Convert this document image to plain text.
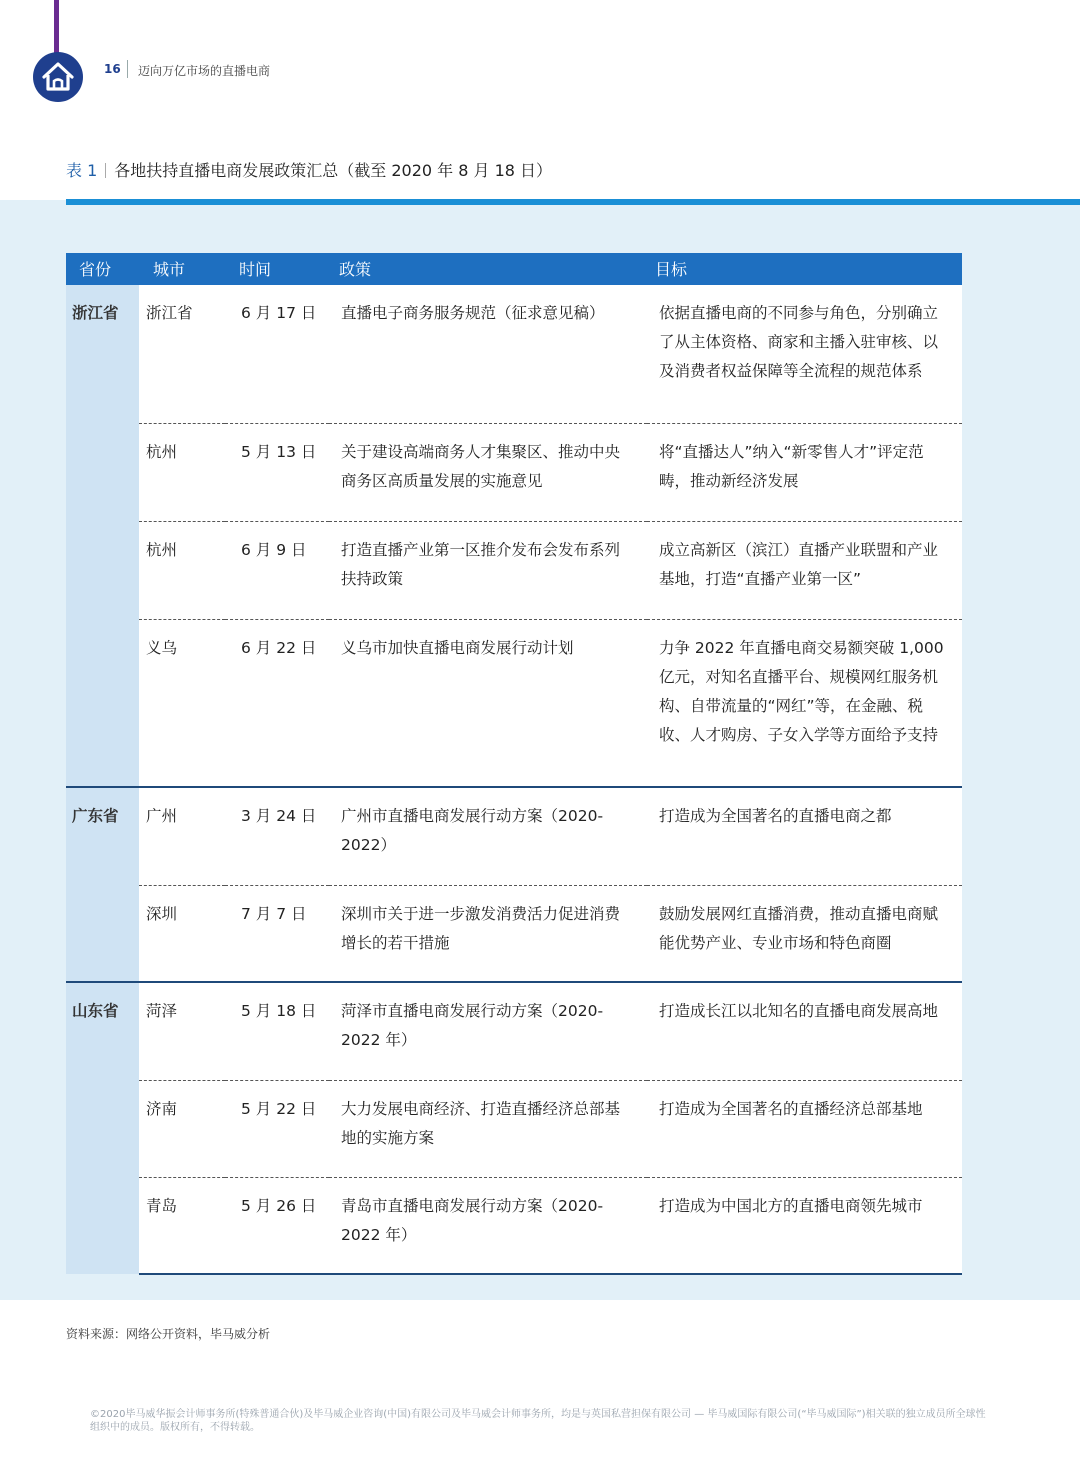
16 迈向万亿市场的直播电商
表 1 各地扶持直播电商发展政策汇总（截至 2020 年 8 月 18 日）
省份	城市	时间	政策	目标
浙江省	浙江省	6 月 17 日	直播电子商务服务规范（征求意见稿）	依据直播电商的不同参与角色，分别确立了从主体资格、商家和主播入驻审核、以及消费者权益保障等全流程的规范体系
	杭州	5 月 13 日	关于建设高端商务人才集聚区、推动中央商务区高质量发展的实施意见	将“直播达人”纳入“新零售人才”评定范畴，推动新经济发展
	杭州	6 月 9 日	打造直播产业第一区推介发布会发布系列扶持政策	成立高新区（滨江）直播产业联盟和产业基地，打造“直播产业第一区”
	义乌	6 月 22 日	义乌市加快直播电商发展行动计划	力争 2022 年直播电商交易额突破 1,000 亿元，对知名直播平台、规模网红服务机构、自带流量的“网红”等，在金融、税收、人才购房、子女入学等方面给予支持
广东省	广州	3 月 24 日	广州市直播电商发展行动方案（2020-2022）	打造成为全国著名的直播电商之都
	深圳	7 月 7 日	深圳市关于进一步激发消费活力促进消费增长的若干措施	鼓励发展网红直播消费，推动直播电商赋能优势产业、专业市场和特色商圈
山东省	菏泽	5 月 18 日	菏泽市直播电商发展行动方案（2020-2022 年）	打造成长江以北知名的直播电商发展高地
	济南	5 月 22 日	大力发展电商经济、打造直播经济总部基地的实施方案	打造成为全国著名的直播经济总部基地
	青岛	5 月 26 日	青岛市直播电商发展行动方案（2020-2022 年）	打造成为中国北方的直播电商领先城市
资料来源：网络公开资料，毕马威分析
©2020毕马威华振会计师事务所(特殊普通合伙)及毕马威企业咨询(中国)有限公司及毕马威会计师事务所，均是与英国私营担保有限公司 — 毕马威国际有限公司(“毕马威国际”)相关联的独立成员所全球性组织中的成员。版权所有，不得转载。
